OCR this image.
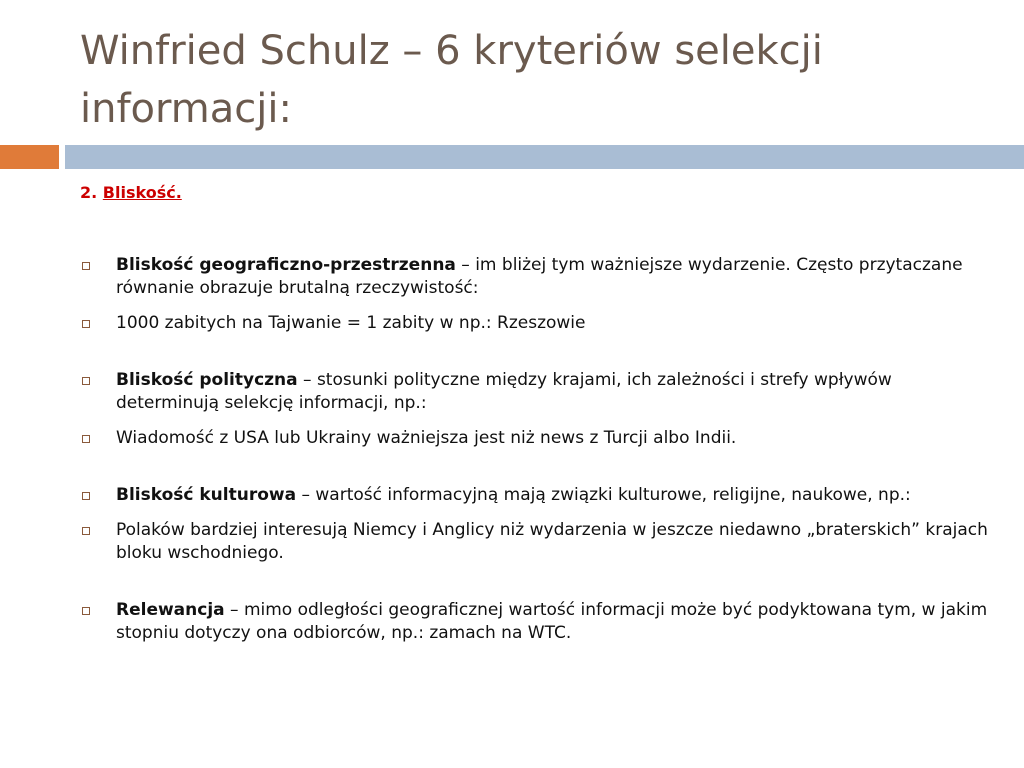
Winfried Schulz – 6 kryteriów selekcji informacji:
2. Bliskość.
Bliskość geograficzno-przestrzenna – im bliżej tym ważniejsze wydarzenie. Często przytaczane równanie obrazuje brutalną rzeczywistość:
1000 zabitych na Tajwanie = 1 zabity w np.: Rzeszowie
Bliskość polityczna – stosunki polityczne między krajami, ich zależności i strefy wpływów determinują selekcję informacji, np.:
Wiadomość z USA lub Ukrainy ważniejsza jest niż news z Turcji albo Indii.
Bliskość kulturowa – wartość informacyjną mają związki kulturowe, religijne, naukowe, np.:
Polaków bardziej interesują Niemcy i Anglicy niż wydarzenia w jeszcze niedawno „braterskich” krajach bloku wschodniego.
Relewancja – mimo odległości geograficznej wartość informacji może być podyktowana tym, w jakim stopniu dotyczy ona odbiorców, np.: zamach na WTC.
